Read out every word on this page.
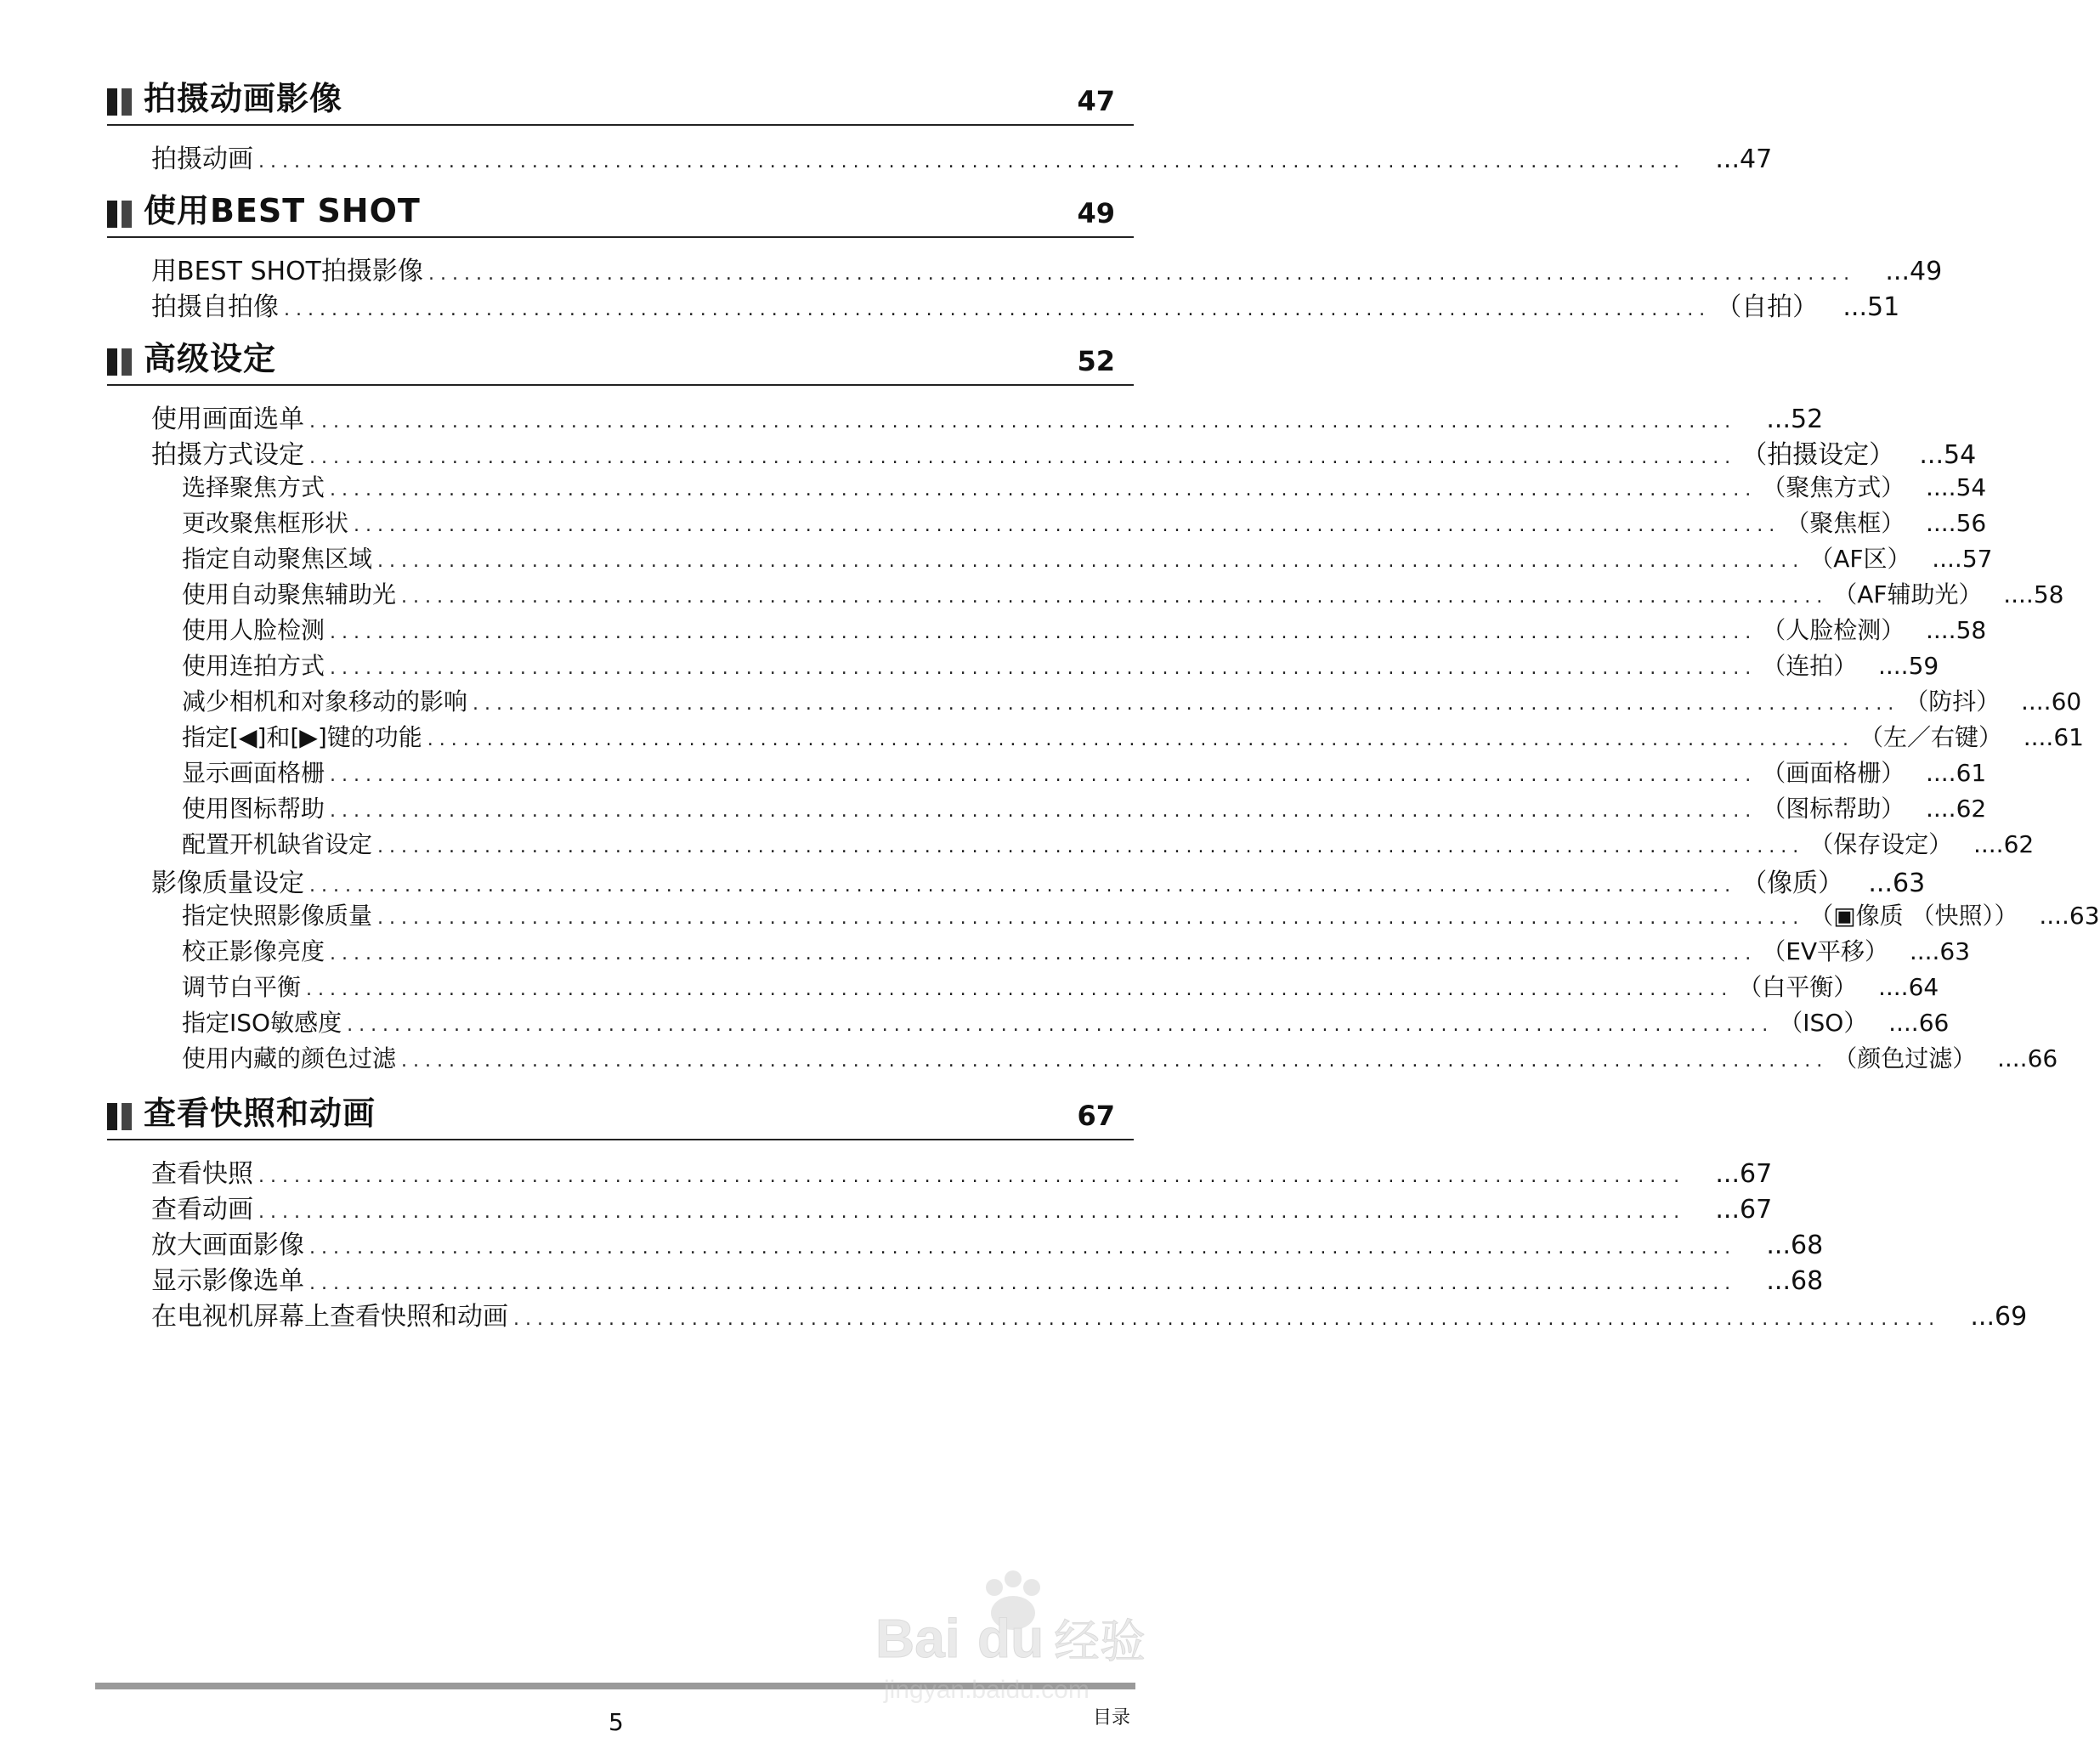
拍摄动画影像	47
拍摄动画 ........................................................................................................................	...47
使用BEST SHOT	49
用BEST SHOT拍摄影像 ........................................................................................................................	...49
拍摄自拍像 ........................................................................................................................ （自拍） ...51
高级设定	52
使用画面选单 ........................................................................................................................	...52
拍摄方式设定 ........................................................................................................................ （拍摄设定） ...54
选择聚焦方式 ........................................................................................................................ （聚焦方式） ....54
更改聚焦框形状 ........................................................................................................................ （聚焦框） ....56
指定自动聚焦区域 ........................................................................................................................ （AF区） ....57
使用自动聚焦辅助光 ........................................................................................................................ （AF辅助光） ....58
使用人脸检测 ........................................................................................................................ （人脸检测） ....58
使用连拍方式 ........................................................................................................................ （连拍） ....59
减少相机和对象移动的影响 ........................................................................................................................ （防抖） ....60
指定[◀]和[▶]键的功能 ........................................................................................................................ （左／右键） ....61
显示画面格栅 ........................................................................................................................ （画面格栅） ....61
使用图标帮助 ........................................................................................................................ （图标帮助） ....62
配置开机缺省设定 ........................................................................................................................ （保存设定） ....62
影像质量设定 ........................................................................................................................ （像质） ...63
指定快照影像质量 ........................................................................................................................ （▣像质 （快照）） ....63
校正影像亮度 ........................................................................................................................ （EV平移） ....63
调节白平衡 ........................................................................................................................ （白平衡） ....64
指定ISO敏感度 ........................................................................................................................ （ISO） ....66
使用内藏的颜色过滤 ........................................................................................................................ （颜色过滤） ....66
查看快照和动画	67
查看快照 ........................................................................................................................	...67
查看动画 ........................................................................................................................	...67
放大画面影像 ........................................................................................................................	...68
显示影像选单 ........................................................................................................................	...68
在电视机屏幕上查看快照和动画 ........................................................................................................................	...69
5	目录
Bai du 经验
jingyan.baidu.com
